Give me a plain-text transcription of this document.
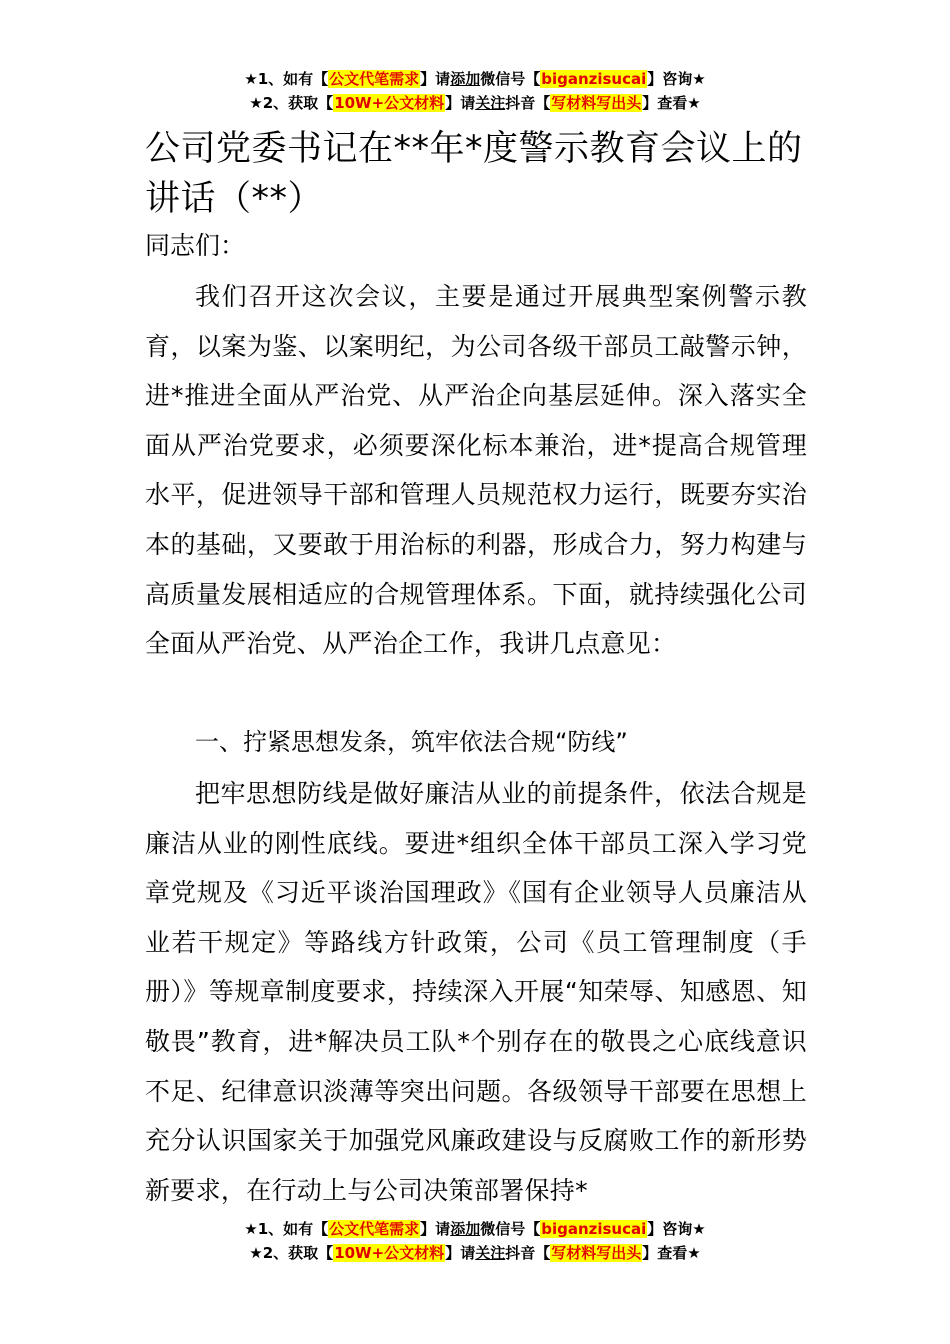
★1、如有【公文代笔需求】请添加微信号【biganzisucai】咨询★
★2、获取【10W+公文材料】请关注抖音【写材料写出头】查看★
公司党委书记在**年*度警示教育会议上的讲话（**）
同志们：
我们召开这次会议，主要是通过开展典型案例警示教育，以案为鉴、以案明纪，为公司各级干部员工敲警示钟，进*推进全面从严治党、从严治企向基层延伸。深入落实全面从严治党要求，必须要深化标本兼治，进*提高合规管理水平，促进领导干部和管理人员规范权力运行，既要夯实治本的基础，又要敢于用治标的利器，形成合力，努力构建与高质量发展相适应的合规管理体系。下面，就持续强化公司全面从严治党、从严治企工作，我讲几点意见：
一、拧紧思想发条，筑牢依法合规“防线”
把牢思想防线是做好廉洁从业的前提条件，依法合规是廉洁从业的刚性底线。要进*组织全体干部员工深入学习党章党规及《习近平谈治国理政》《国有企业领导人员廉洁从业若干规定》等路线方针政策，公司《员工管理制度（手册）》等规章制度要求，持续深入开展“知荣辱、知感恩、知敬畏”教育，进*解决员工队*个别存在的敬畏之心底线意识不足、纪律意识淡薄等突出问题。各级领导干部要在思想上充分认识国家关于加强党风廉政建设与反腐败工作的新形势新要求，在行动上与公司决策部署保持*
★1、如有【公文代笔需求】请添加微信号【biganzisucai】咨询★
★2、获取【10W+公文材料】请关注抖音【写材料写出头】查看★
